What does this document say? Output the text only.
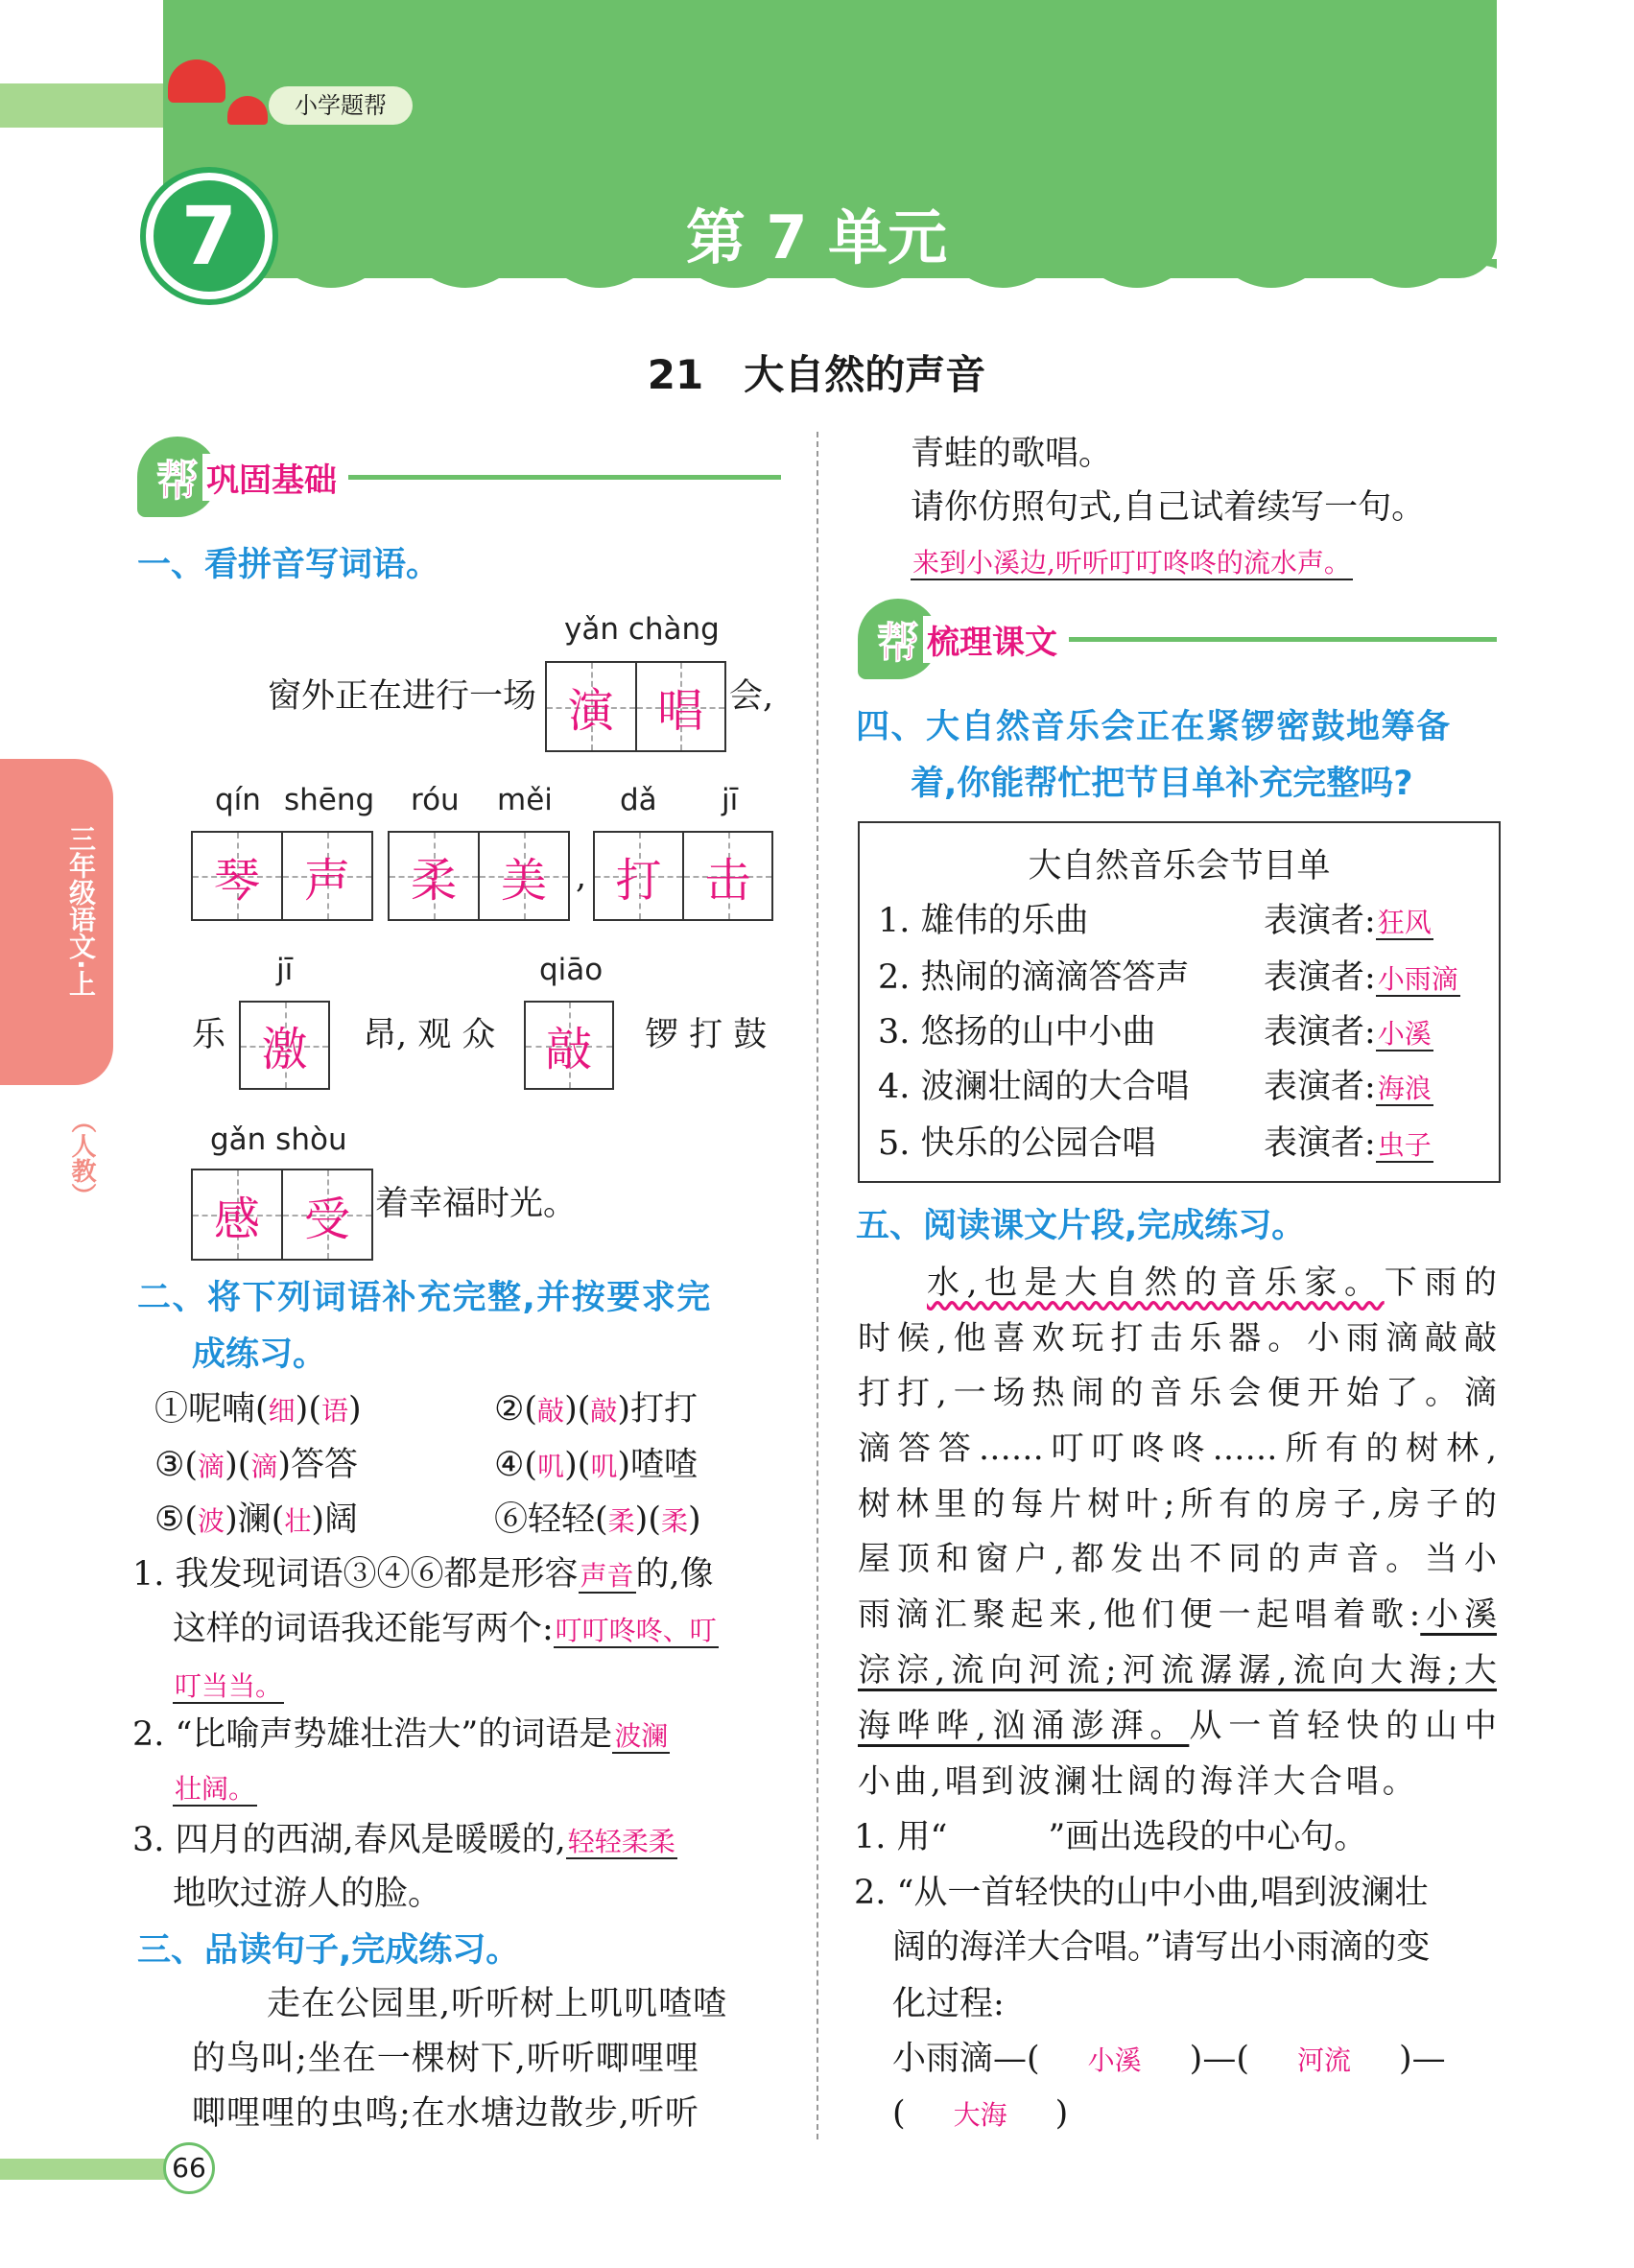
小学题帮
7	第 7 单元
21　大自然的声音
三年级语文·上
（人教）
帮 巩固基础
一、看拼音写词语。
yǎn chàng
窗外正在进行一场 演 唱 会,
qín shēng róu měi dǎ jī
琴 声 柔 美 , 打 击
jī	qiāo
乐 激 昂, 观 众 敲 锣 打 鼓
gǎn shòu
感 受 着幸福时光。
二、将下列词语补充完整,并按要求完
成练习。
①呢喃(细)(语)	②(敲)(敲)打打
③(滴)(滴)答答	④(叽)(叽)喳喳
⑤(波)澜(壮)阔	⑥轻轻(柔)(柔)
1. 我发现词语③④⑥都是形容声音的,像
这样的词语我还能写两个:叮叮咚咚、叮
叮当当。
2. “比喻声势雄壮浩大”的词语是波澜
壮阔。
3. 四月的西湖,春风是暖暖的,轻轻柔柔
地吹过游人的脸。
三、品读句子,完成练习。
走在公园里,听听树上叽叽喳喳
的鸟叫;坐在一棵树下,听听唧哩哩
唧哩哩的虫鸣;在水塘边散步,听听
66
青蛙的歌唱。
请你仿照句式,自己试着续写一句。
来到小溪边,听听叮叮咚咚的流水声。
帮 梳理课文
四、大自然音乐会正在紧锣密鼓地筹备
着,你能帮忙把节目单补充完整吗?
大自然音乐会节目单
1. 雄伟的乐曲	表演者:狂风
2. 热闹的滴滴答答声 表演者:小雨滴
3. 悠扬的山中小曲	表演者:小溪
4. 波澜壮阔的大合唱 表演者:海浪
5. 快乐的公园合唱	表演者:虫子
五、阅读课文片段,完成练习。
水,也是大自然的音乐家。下雨的
时候,他喜欢玩打击乐器。小雨滴敲敲
打打,一场热闹的音乐会便开始了。滴
滴答答……叮叮咚咚……所有的树林,
树林里的每片树叶;所有的房子,房子的
屋顶和窗户,都发出不同的声音。当小
雨滴汇聚起来,他们便一起唱着歌:小溪
淙淙,流向河流;河流潺潺,流向大海;大
海哗哗,汹涌澎湃。从一首轻快的山中
小曲,唱到波澜壮阔的海洋大合唱。
1. 用“　　　”画出选段的中心句。
2. “从一首轻快的山中小曲,唱到波澜壮
阔的海洋大合唱。”请写出小雨滴的变
化过程:
小雨滴—( 小溪 )—( 河流 )—
( 大海 )
